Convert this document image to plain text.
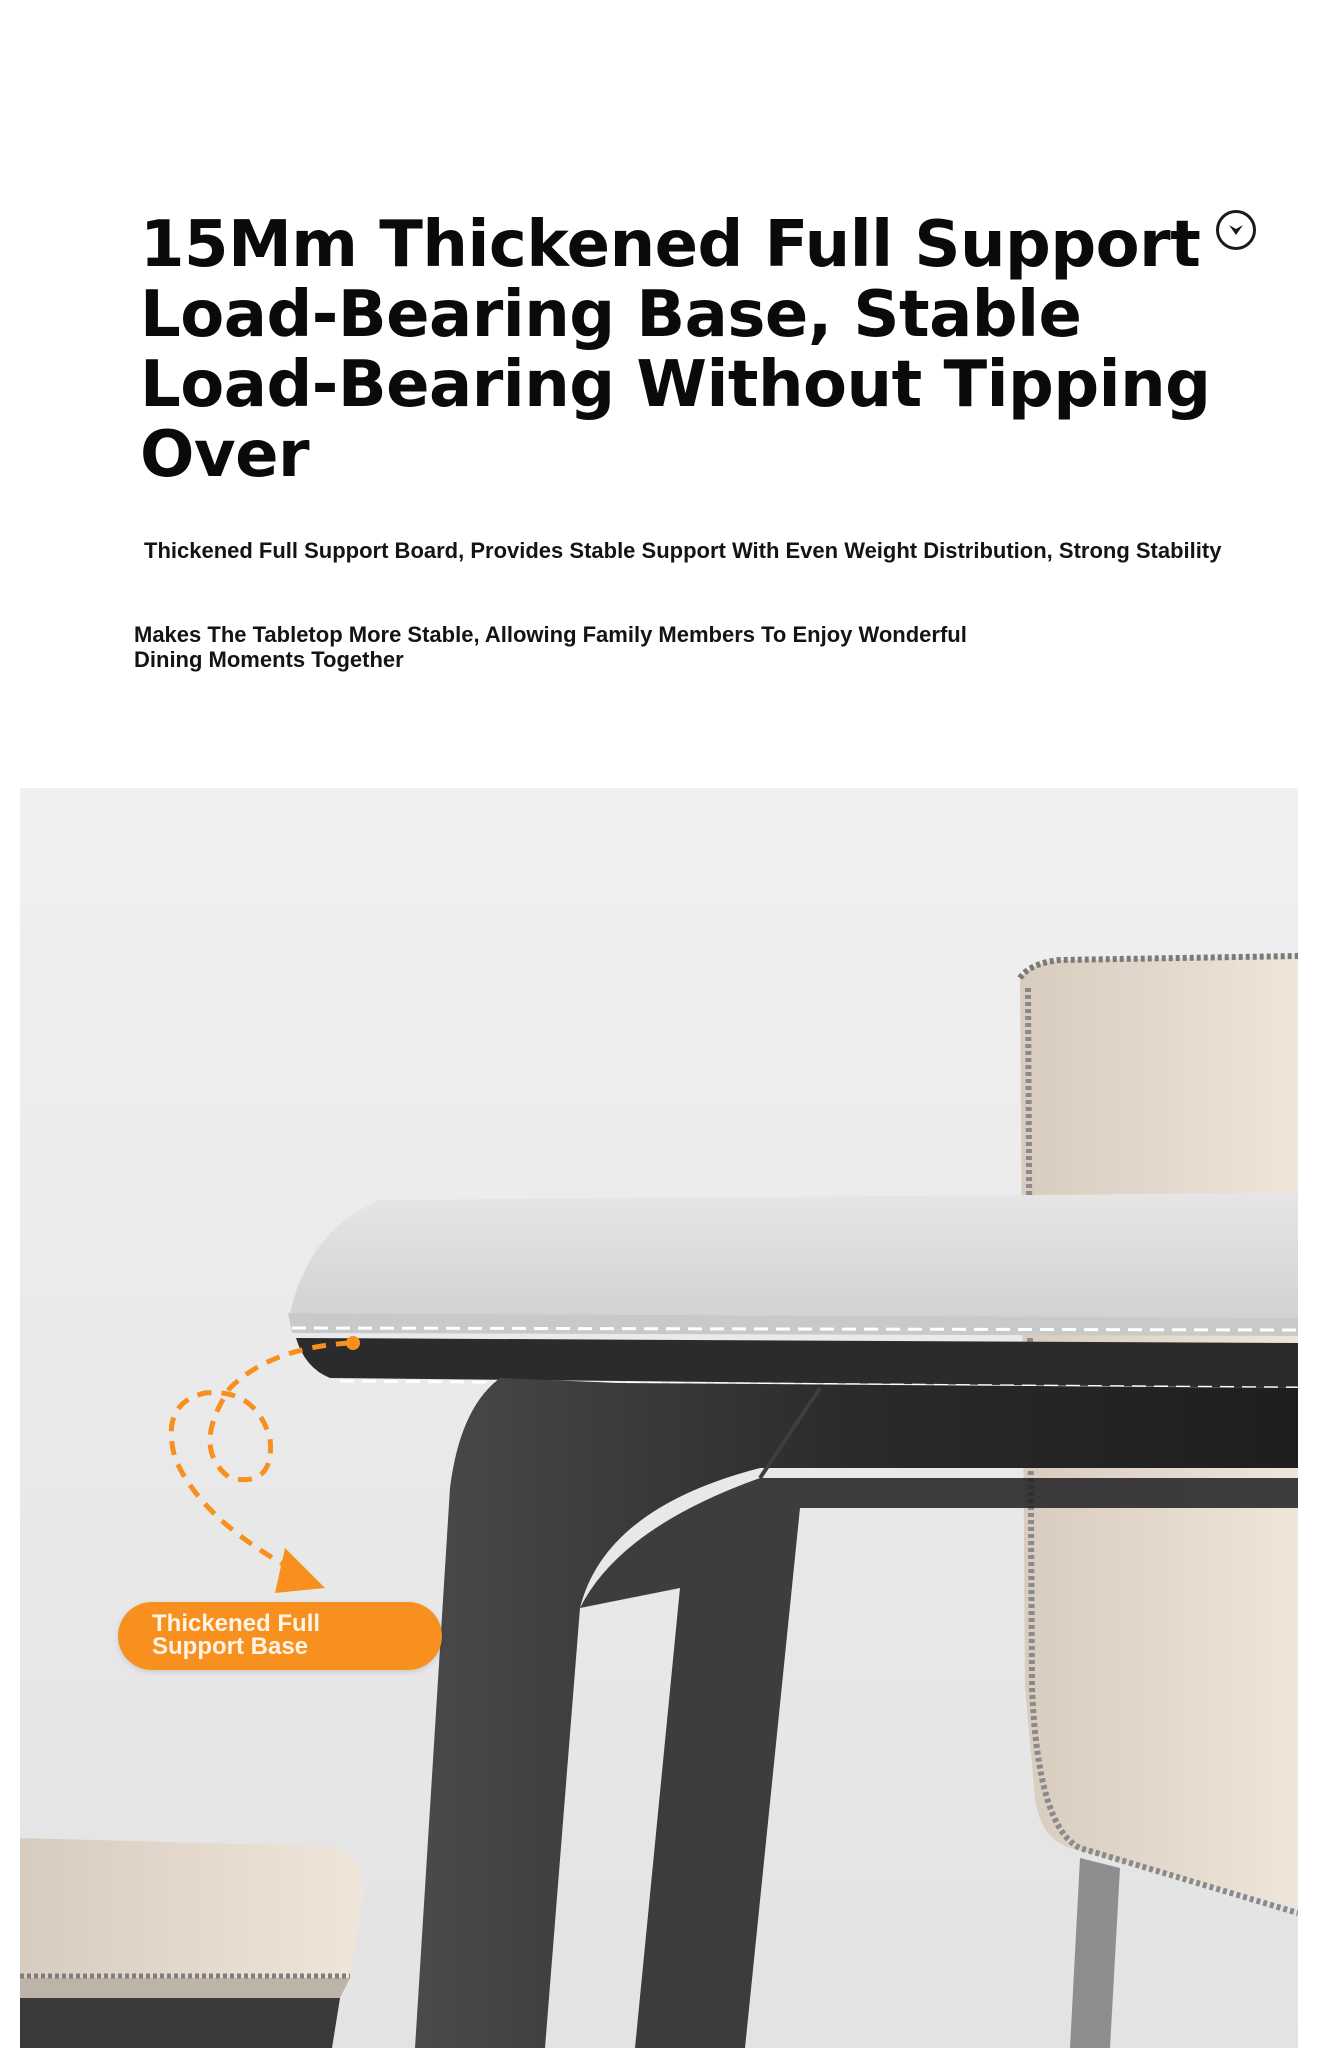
15Mm Thickened Full Support
Load-Bearing Base, Stable
Load-Bearing Without Tipping Over

Thickened Full Support Board, Provides Stable Support With Even Weight Distribution, Strong Stability

Makes The Tabletop More Stable, Allowing Family Members To Enjoy Wonderful
Dining Moments Together

Thickened Full
Support Base
